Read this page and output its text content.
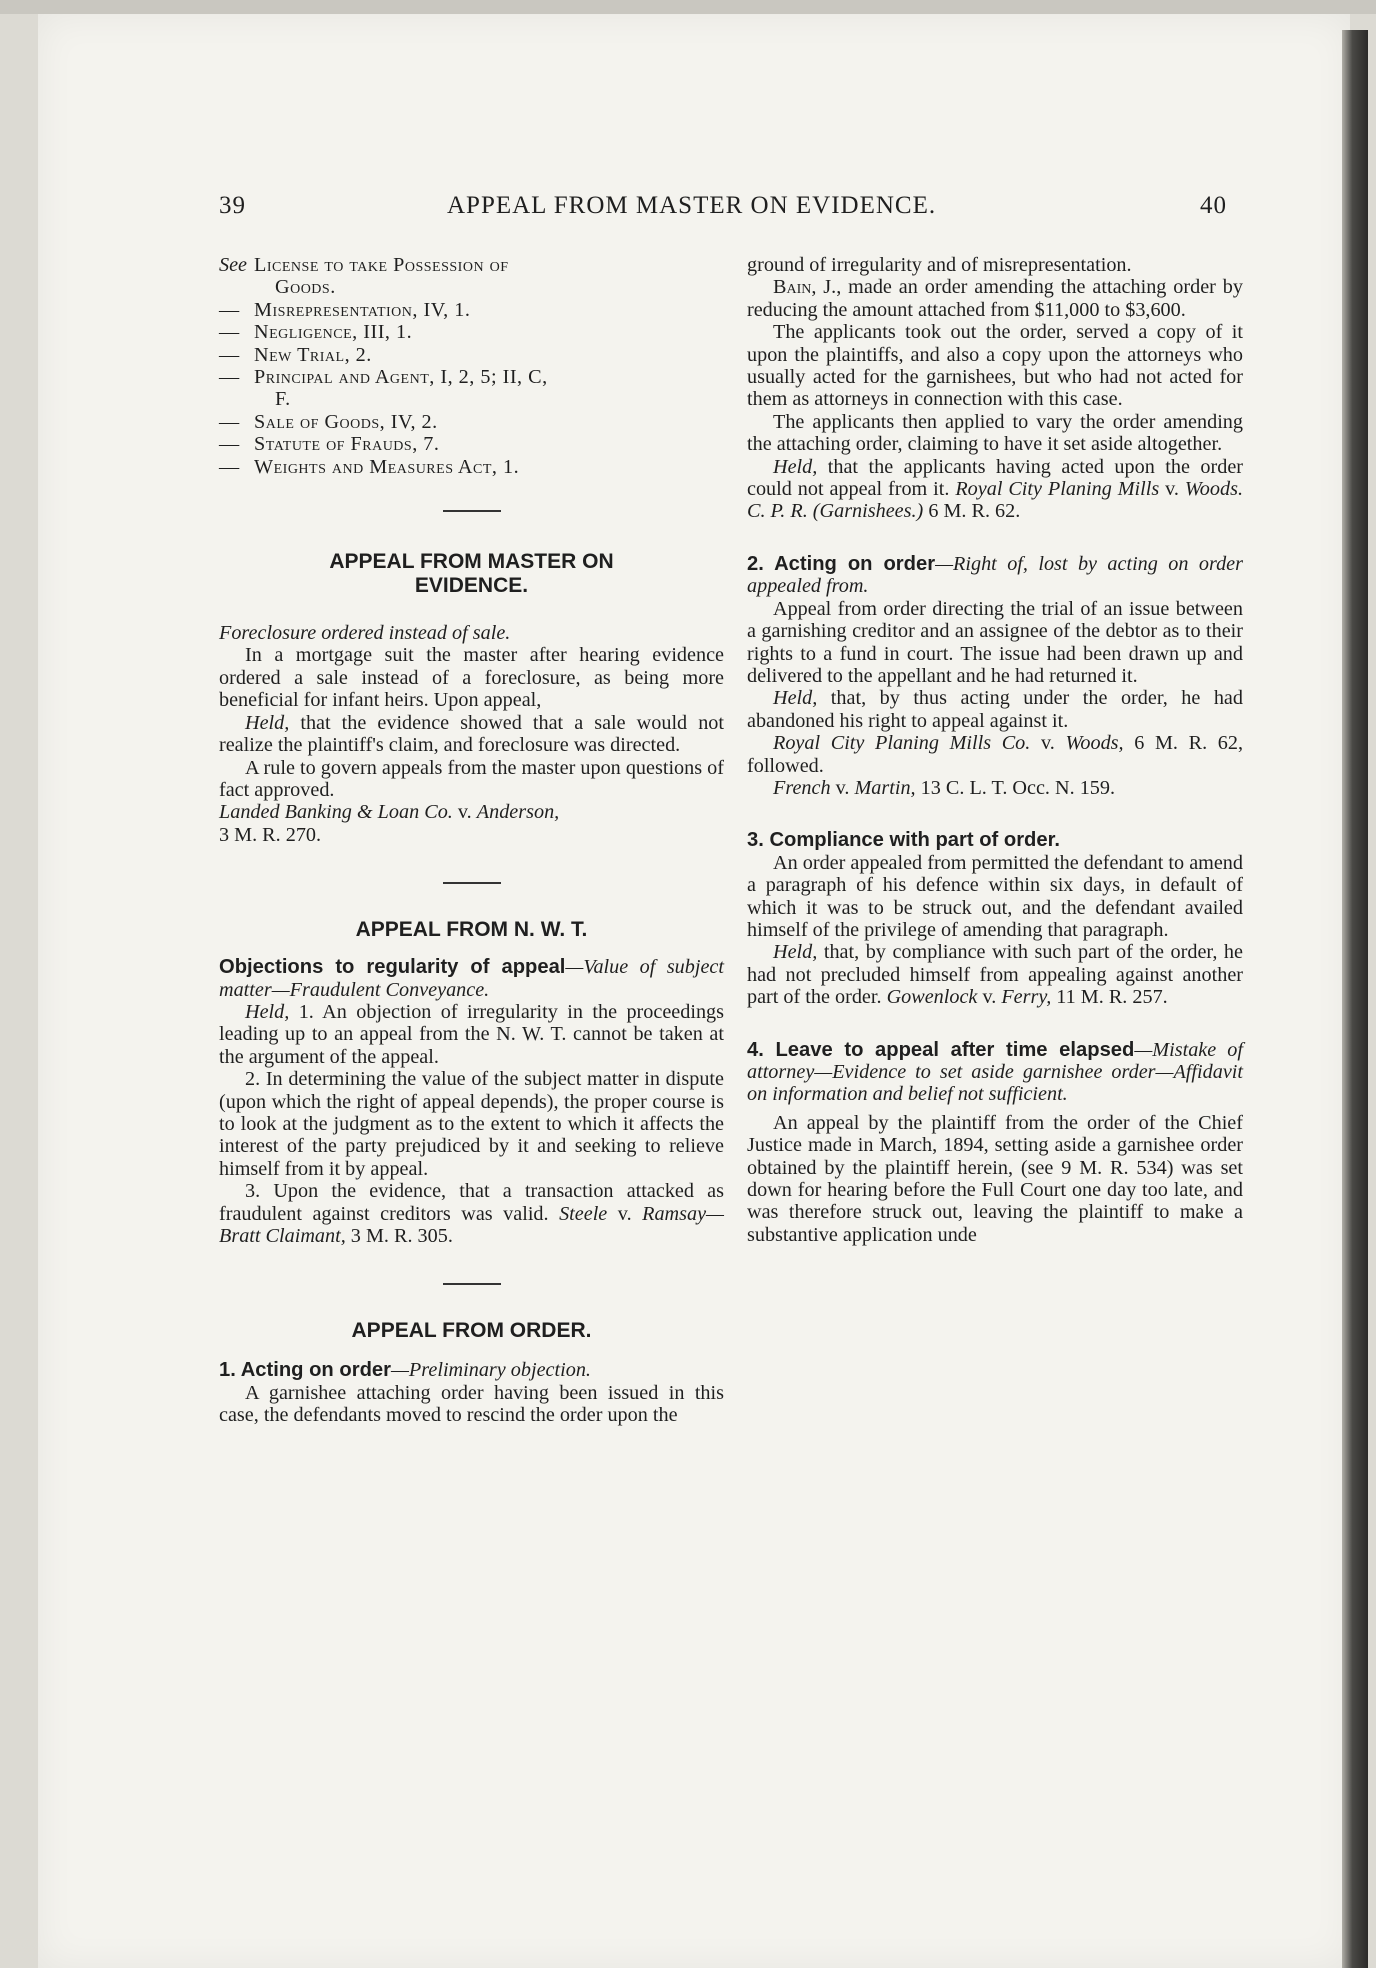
39	APPEAL FROM MASTER ON EVIDENCE.	40

See License to take Possession of

Goods.

— Misrepresentation, IV, 1.

— Negligence, III, 1.

— New Trial, 2.

— Principal and Agent, I, 2, 5; II, C,

F.

— Sale of Goods, IV, 2.

— Statute of Frauds, 7.

— Weights and Measures Act, 1.

APPEAL FROM MASTER ON

EVIDENCE.

Foreclosure ordered instead of sale.

In a mortgage suit the master after hearing evidence ordered a sale instead of a foreclosure, as being more beneficial for infant heirs. Upon appeal,

Held, that the evidence showed that a sale would not realize the plaintiff's claim, and foreclosure was directed.

A rule to govern appeals from the master upon questions of fact approved.

Landed Banking & Loan Co. v. Anderson,

3 M. R. 270.

APPEAL FROM N. W. T.

Objections to regularity of appeal—Value of subject matter—Fraudulent Conveyance.

Held, 1. An objection of irregularity in the proceedings leading up to an appeal from the N. W. T. cannot be taken at the argument of the appeal.

2. In determining the value of the subject matter in dispute (upon which the right of appeal depends), the proper course is to look at the judgment as to the extent to which it affects the interest of the party prejudiced by it and seeking to relieve himself from it by appeal.

3. Upon the evidence, that a transaction attacked as fraudulent against creditors was valid. Steele v. Ramsay—Bratt Claimant, 3 M. R. 305.

APPEAL FROM ORDER.

1. Acting on order—Preliminary objection.

A garnishee attaching order having been issued in this case, the defendants moved to rescind the order upon the

ground of irregularity and of misrepresentation.

Bain, J., made an order amending the attaching order by reducing the amount attached from $11,000 to $3,600.

The applicants took out the order, served a copy of it upon the plaintiffs, and also a copy upon the attorneys who usually acted for the garnishees, but who had not acted for them as attorneys in connection with this case.

The applicants then applied to vary the order amending the attaching order, claiming to have it set aside altogether.

Held, that the applicants having acted upon the order could not appeal from it. Royal City Planing Mills v. Woods. C. P. R. (Garnishees.) 6 M. R. 62.

2. Acting on order—Right of, lost by acting on order appealed from.

Appeal from order directing the trial of an issue between a garnishing creditor and an assignee of the debtor as to their rights to a fund in court. The issue had been drawn up and delivered to the appellant and he had returned it.

Held, that, by thus acting under the order, he had abandoned his right to appeal against it.

Royal City Planing Mills Co. v. Woods, 6 M. R. 62, followed.

French v. Martin, 13 C. L. T. Occ. N. 159.

3. Compliance with part of order.

An order appealed from permitted the defendant to amend a paragraph of his defence within six days, in default of which it was to be struck out, and the defendant availed himself of the privilege of amending that paragraph.

Held, that, by compliance with such part of the order, he had not precluded himself from appealing against another part of the order. Gowenlock v. Ferry, 11 M. R. 257.

4. Leave to appeal after time elapsed—Mistake of attorney—Evidence to set aside garnishee order—Affidavit on information and belief not sufficient.

An appeal by the plaintiff from the order of the Chief Justice made in March, 1894, setting aside a garnishee order obtained by the plaintiff herein, (see 9 M. R. 534) was set down for hearing before the Full Court one day too late, and was therefore struck out, leaving the plaintiff to make a substantive application unde
